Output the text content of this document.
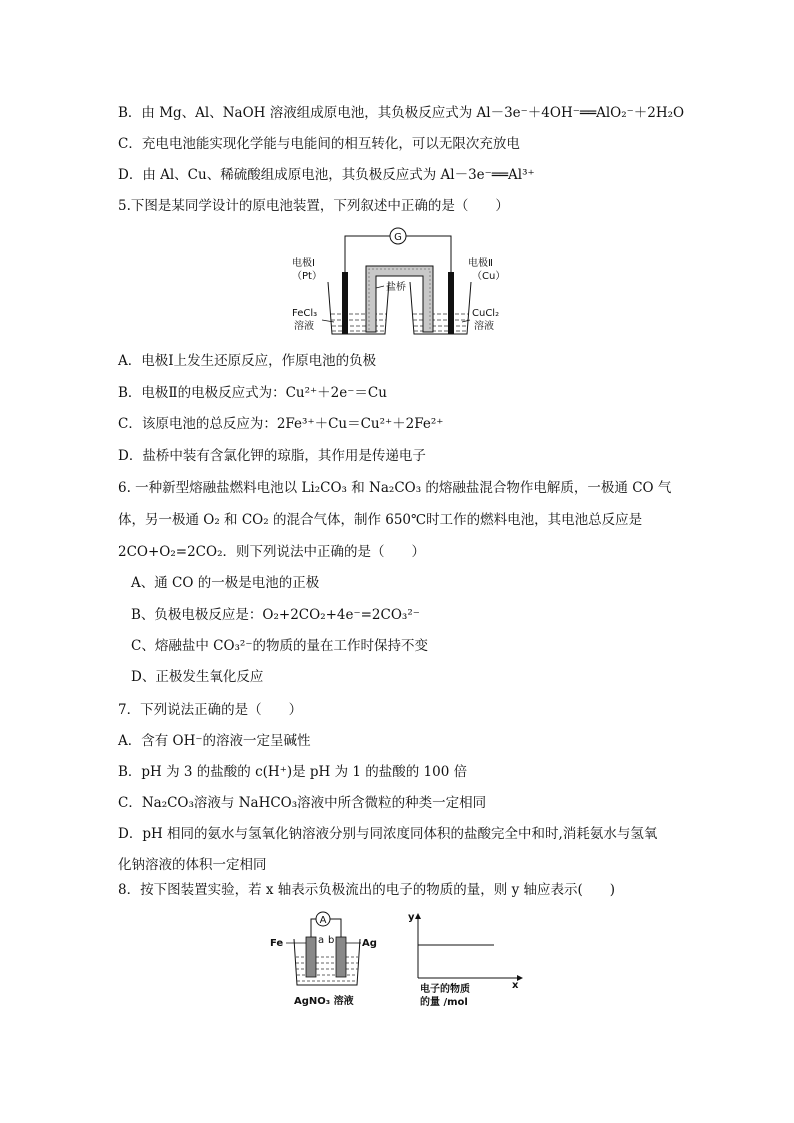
B．由 Mg、Al、NaOH 溶液组成原电池，其负极反应式为 Al－3e⁻＋4OH⁻══AlO₂⁻＋2H₂O
C．充电电池能实现化学能与电能间的相互转化，可以无限次充放电
D．由 Al、Cu、稀硫酸组成原电池，其负极反应式为 Al－3e⁻══Al³⁺
5.下图是某同学设计的原电池装置，下列叙述中正确的是（　　）
G
电极Ⅰ
（Pt）
电极Ⅱ
（Cu）
盐桥
FeCl₃
溶液
CuCl₂
溶液
A．电极Ⅰ上发生还原反应，作原电池的负极
B．电极Ⅱ的电极反应式为：Cu²⁺＋2e⁻＝Cu
C．该原电池的总反应为：2Fe³⁺＋Cu＝Cu²⁺＋2Fe²⁺
D．盐桥中装有含氯化钾的琼脂，其作用是传递电子
6. 一种新型熔融盐燃料电池以 Li₂CO₃ 和 Na₂CO₃ 的熔融盐混合物作电解质，一极通 CO 气
体，另一极通 O₂ 和 CO₂ 的混合气体，制作 650℃时工作的燃料电池，其电池总反应是
2CO+O₂=2CO₂．则下列说法中正确的是（　　）
A、通 CO 的一极是电池的正极
B、负极电极反应是：O₂+2CO₂+4e⁻=2CO₃²⁻
C、熔融盐中 CO₃²⁻的物质的量在工作时保持不变
D、正极发生氧化反应
7．下列说法正确的是（　　）
A．含有 OH⁻的溶液一定呈碱性
B．pH 为 3 的盐酸的 c(H⁺)是 pH 为 1 的盐酸的 100 倍
C．Na₂CO₃溶液与 NaHCO₃溶液中所含微粒的种类一定相同
D．pH 相同的氨水与氢氧化钠溶液分别与同浓度同体积的盐酸完全中和时,消耗氨水与氢氧
化钠溶液的体积一定相同
8．按下图装置实验，若 x 轴表示负极流出的电子的物质的量，则 y 轴应表示(　　)
A
Fe	Ag
a b
AgNO₃ 溶液
y
x
电子的物质
的量 /mol
